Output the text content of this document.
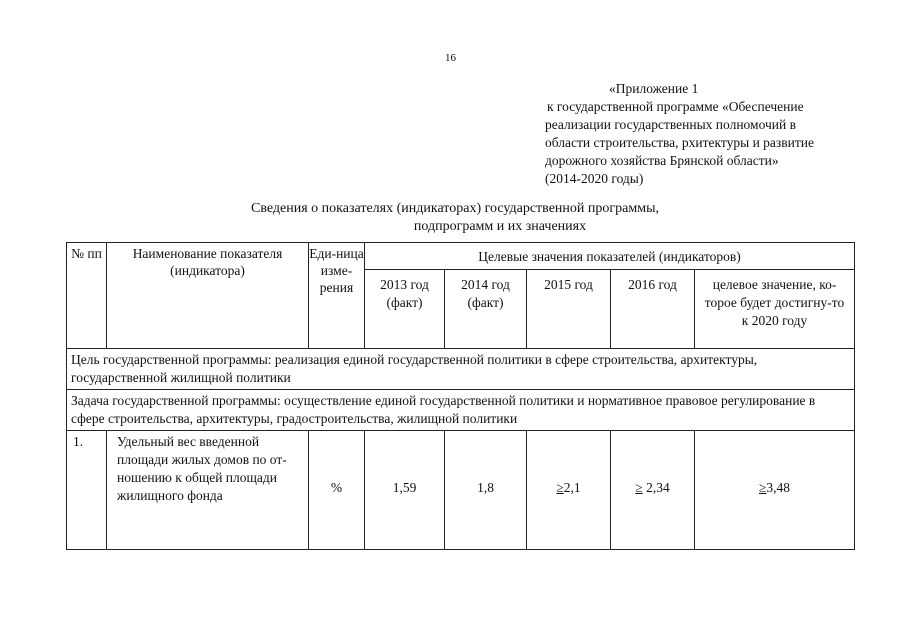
16
«Приложение 1
к государственной программе «Обеспечение
реализации государственных полномочий в
области строительства, рхитектуры и развитие
дорожного хозяйства Брянской области»
(2014-2020 годы)
Сведения о показателях (индикаторах) государственной программы,
подпрограмм и их значениях
№ пп	Наименование показателя (индикатора)	Еди-ница изме-рения	Целевые значения показателей (индикаторов)				
			2013 год (факт)	2014 год (факт)	2015 год	2016 год	целевое значение, ко-торое будет достигну-то к 2020 году
Цель государственной программы: реализация единой государственной политики в сфере строительства, архитектуры, государственной жилищной политики							
Задача государственной программы: осуществление единой государственной политики и нормативное правовое регулирование в сфере строительства, архитектуры, градостроительства, жилищной политики							
1.	Удельный вес введенной площади жилых домов по от-ношению к общей площади жилищного фонда	%	1,59	1,8	≥2,1	≥ 2,34	≥3,48
